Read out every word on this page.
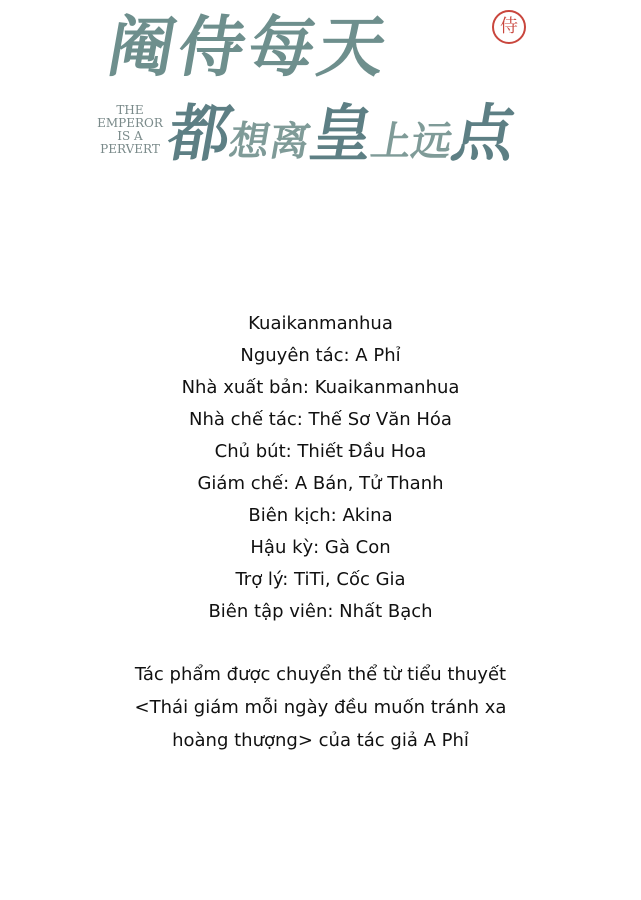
阉侍每天	侍
THE EMPEROR
IS A
PERVERT 都想离皇上远点
Kuaikanmanhua
Nguyên tác: A Phỉ
Nhà xuất bản: Kuaikanmanhua
Nhà chế tác: Thế Sơ Văn Hóa
Chủ bút: Thiết Đầu Hoa
Giám chế: A Bán, Tử Thanh
Biên kịch: Akina
Hậu kỳ: Gà Con
Trợ lý: TiTi, Cốc Gia
Biên tập viên: Nhất Bạch
Tác phẩm được chuyển thể từ tiểu thuyết
<Thái giám mỗi ngày đều muốn tránh xa
hoàng thượng> của tác giả A Phỉ
